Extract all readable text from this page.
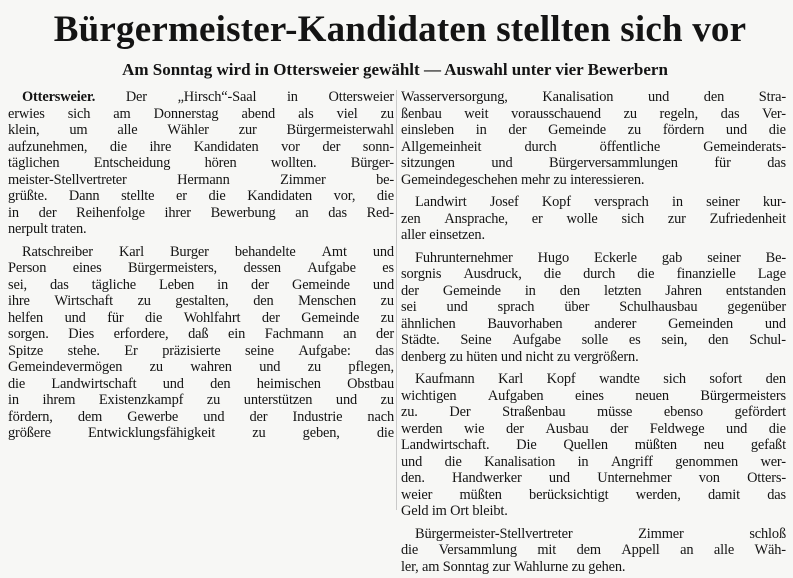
Bürgermeister-Kandidaten stellten sich vor
Am Sonntag wird in Ottersweier gewählt — Auswahl unter vier Bewerbern
Ottersweier. Der „Hirsch“-Saal in Ottersweier
erwies sich am Donnerstag abend als viel zu
klein, um alle Wähler zur Bürgermeisterwahl
aufzunehmen, die ihre Kandidaten vor der sonn-
täglichen Entscheidung hören wollten. Bürger-
meister-Stellvertreter	Hermann	Zimmer	be-
grüßte. Dann stellte er die Kandidaten vor, die
in der Reihenfolge ihrer Bewerbung an das Red-
nerpult traten.
Ratschreiber Karl Burger behandelte Amt und
Person eines Bürgermeisters, dessen Aufgabe es
sei, das tägliche Leben in der Gemeinde und
ihre Wirtschaft zu gestalten, den Menschen zu
helfen und für die Wohlfahrt der Gemeinde zu
sorgen. Dies erfordere, daß ein Fachmann an der
Spitze stehe. Er präzisierte seine Aufgabe: das
Gemeindevermögen zu wahren und zu pflegen,
die Landwirtschaft und den heimischen Obstbau
in ihrem Existenzkampf zu unterstützen und zu
fördern, dem Gewerbe und der Industrie nach
größere	Entwicklungsfähigkeit	zu	geben,	die
Wasserversorgung, Kanalisation und den Stra-
ßenbau weit vorausschauend zu regeln, das Ver-
einsleben in der Gemeinde zu fördern und die
Allgemeinheit	durch	öffentliche	Gemeinderats-
sitzungen	und	Bürgerversammlungen	für	das
Gemeindegeschehen mehr zu interessieren.
Landwirt Josef Kopf versprach in seiner kur-
zen Ansprache, er wolle sich zur Zufriedenheit
aller einsetzen.
Fuhrunternehmer Hugo Eckerle gab seiner Be-
sorgnis Ausdruck, die durch die finanzielle Lage
der Gemeinde in den letzten Jahren entstanden
sei und sprach über Schulhausbau gegenüber
ähnlichen Bauvorhaben anderer Gemeinden und
Städte. Seine Aufgabe solle es sein, den Schul-
denberg zu hüten und nicht zu vergrößern.
Kaufmann Karl Kopf wandte sich sofort den
wichtigen Aufgaben eines neuen Bürgermeisters
zu. Der Straßenbau müsse ebenso gefördert
werden wie der Ausbau der Feldwege und die
Landwirtschaft. Die Quellen müßten neu gefaßt
und die Kanalisation in Angriff genommen wer-
den. Handwerker und Unternehmer von Otters-
weier müßten berücksichtigt werden, damit das
Geld im Ort bleibt.
Bürgermeister-Stellvertreter	Zimmer	schloß
die Versammlung mit dem Appell an alle Wäh-
ler, am Sonntag zur Wahlurne zu gehen.
